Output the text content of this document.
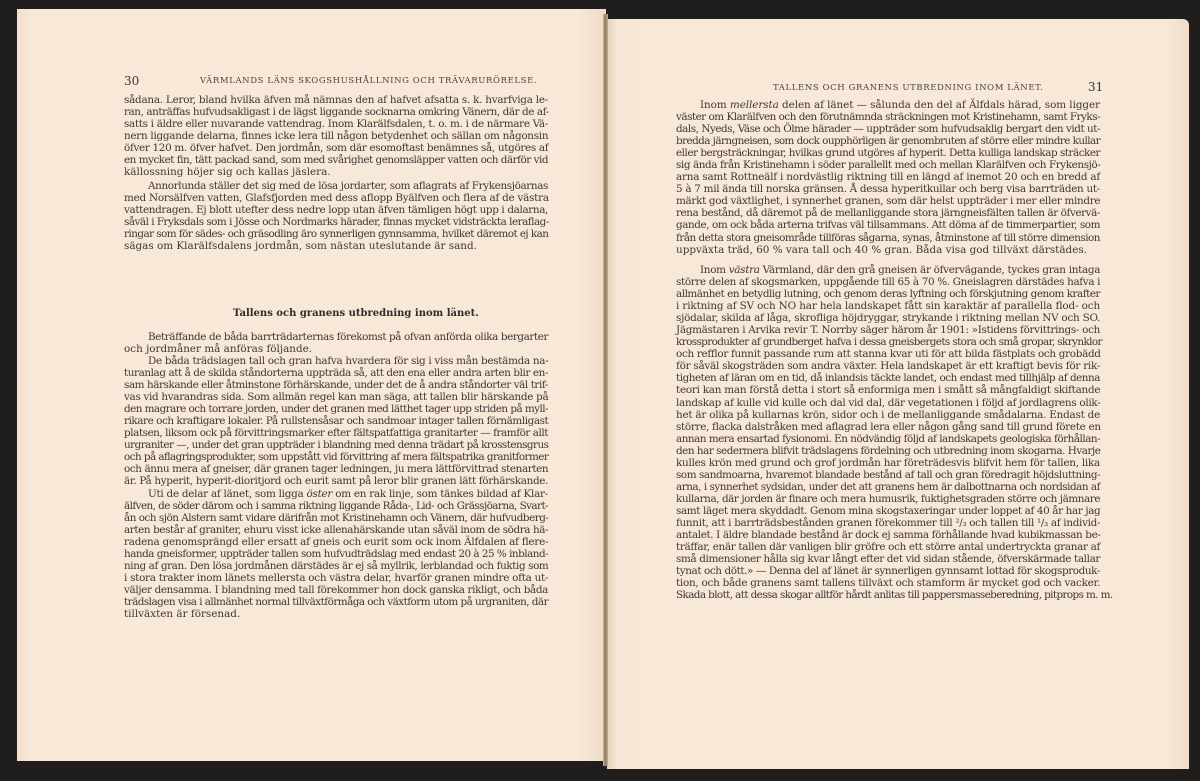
30	VÄRMLANDS LÄNS SKOGSHUSHÅLLNING OCH TRÄVARURÖRELSE.
sådana. Leror, bland hvilka äfven må nämnas den af hafvet afsatta s. k. hvarfviga le-
ran, anträffas hufvudsakligast i de lägst liggande socknarna omkring Vänern, där de af-
satts i äldre eller nuvarande vattendrag. Inom Klarälfsdalen, t. o. m. i de närmare Vä-
nern liggande delarna, finnes icke lera till någon betydenhet och sällan om någonsin
öfver 120 m. öfver hafvet. Den jordmån, som där esomoftast benämnes så, utgöres af
en mycket fin, tätt packad sand, som med svårighet genomsläpper vatten och därför vid
källossning höjer sig och kallas jäslera.
Annorlunda ställer det sig med de lösa jordarter, som aflagrats af Frykensjöarnas
med Norsälfven vatten, Glafsfjorden med dess aflopp Byälfven och flera af de västra
vattendragen. Ej blott utefter dess nedre lopp utan äfven tämligen högt upp i dalarna,
såväl i Fryksdals som i Jösse och Nordmarks härader, finnas mycket vidsträckta leraflag-
ringar som för sädes- och gräsodling äro synnerligen gynnsamma, hvilket däremot ej kan
sägas om Klarälfsdalens jordmån, som nästan uteslutande är sand.
Tallens och granens utbredning inom länet.
Beträffande de båda barrträdarternas förekomst på ofvan anförda olika bergarter
och jordmåner må anföras följande.
De båda trädslagen tall och gran hafva hvardera för sig i viss mån bestämda na-
turanlag att å de skilda ståndorterna uppträda så, att den ena eller andra arten blir en-
sam härskande eller åtminstone förhärskande, under det de å andra ståndorter väl trif-
vas vid hvarandras sida. Som allmän regel kan man säga, att tallen blir härskande på
den magrare och torrare jorden, under det granen med lätthet tager upp striden på myll-
rikare och kraftigare lokaler. På rullstensåsar och sandmoar intager tallen förnämligast
platsen, liksom ock på förvittringsmarker efter fältspatfattiga granitarter — framför allt
urgraniter —, under det gran uppträder i blandning med denna trädart på krosstensgrus
och på aflagringsprodukter, som uppstått vid förvittring af mera fältspatrika granitformer
och ännu mera af gneiser, där granen tager ledningen, ju mera lättförvittrad stenarten
är. På hyperit, hyperit-dioritjord och eurit samt på leror blir granen lätt förhärskande.
Uti de delar af länet, som ligga öster om en rak linje, som tänkes bildad af Klar-
älfven, de söder därom och i samma riktning liggande Råda-, Lid- och Grässjöarna, Svart-
ån och sjön Alstern samt vidare därifrån mot Kristinehamn och Vänern, där hufvudberg-
arten består af graniter, ehuru visst icke allenahärskande utan såväl inom de södra hä-
radena genomsprängd eller ersatt af gneis och eurit som ock inom Älfdalen af flere-
handa gneisformer, uppträder tallen som hufvudträdslag med endast 20 à 25 % inbland-
ning af gran. Den lösa jordmånen därstädes är ej så myllrik, lerblandad och fuktig som
i stora trakter inom länets mellersta och västra delar, hvarför granen mindre ofta ut-
väljer densamma. I blandning med tall förekommer hon dock ganska rikligt, och båda
trädslagen visa i allmänhet normal tillväxtförmåga och växtform utom på urgraniten, där
tillväxten är försenad.
TALLENS OCH GRANENS UTBREDNING INOM LÄNET.	31
Inom mellersta delen af länet — sålunda den del af Älfdals härad, som ligger
väster om Klarälfven och den förutnämnda sträckningen mot Kristinehamn, samt Fryks-
dals, Nyeds, Väse och Ölme härader — uppträder som hufvudsaklig bergart den vidt ut-
bredda järngneisen, som dock oupphörligen är genombruten af större eller mindre kullar
eller bergsträckningar, hvilkas grund utgöres af hyperit. Detta kulliga landskap sträcker
sig ända från Kristinehamn i söder parallellt med och mellan Klarälfven och Frykensjö-
arna samt Rottneälf i nordvästlig riktning till en längd af inemot 20 och en bredd af
5 à 7 mil ända till norska gränsen. Å dessa hyperitkullar och berg visa barrträden ut-
märkt god växtlighet, i synnerhet granen, som där helst uppträder i mer eller mindre
rena bestånd, då däremot på de mellanliggande stora järngneisfälten tallen är öfvervä-
gande, om ock båda arterna trifvas väl tillsammans. Att döma af de timmerpartier, som
från detta stora gneisområde tillföras sågarna, synas, åtminstone af till större dimension
uppväxta träd, 60 % vara tall och 40 % gran. Båda visa god tillväxt därstädes.
Inom västra Värmland, där den grå gneisen är öfvervägande, tyckes gran intaga
större delen af skogsmarken, uppgående till 65 à 70 %. Gneislagren därstädes hafva i
allmänhet en betydlig lutning, och genom deras lyftning och förskjutning genom krafter
i riktning af SV och NO har hela landskapet fått sin karaktär af parallella flod- och
sjödalar, skilda af låga, skrofliga höjdryggar, strykande i riktning mellan NV och SO.
Jägmästaren i Arvika revir T. Norrby säger härom år 1901: »Istidens förvittrings- och
krossprodukter af grundberget hafva i dessa gneisbergets stora och små gropar, skrynklor
och refflor funnit passande rum att stanna kvar uti för att bilda fästplats och grobädd
för såväl skogsträden som andra växter. Hela landskapet är ett kraftigt bevis för rik-
tigheten af läran om en tid, då inlandsis täckte landet, och endast med tillhjälp af denna
teori kan man förstå detta i stort så enformiga men i smått så mångfaldigt skiftande
landskap af kulle vid kulle och dal vid dal, där vegetationen i följd af jordlagrens olik-
het är olika på kullarnas krön, sidor och i de mellanliggande smådalarna. Endast de
större, flacka dalstråken med aflagrad lera eller någon gång sand till grund förete en
annan mera ensartad fysionomi. En nödvändig följd af landskapets geologiska förhållan-
den har sedermera blifvit trädslagens fördelning och utbredning inom skogarna. Hvarje
kulles krön med grund och grof jordmån har företrädesvis blifvit hem för tallen, lika
som sandmoarna, hvaremot blandade bestånd af tall och gran föredragit höjdsluttning-
arna, i synnerhet sydsidan, under det att granens hem är dalbottnarna och nordsidan af
kullarna, där jorden är finare och mera humusrik, fuktighetsgraden större och jämnare
samt läget mera skyddadt. Genom mina skogstaxeringar under loppet af 40 år har jag
funnit, att i barrträdsbestånden granen förekommer till ²/₃ och tallen till ¹/₃ af individ-
antalet. I äldre blandade bestånd är dock ej samma förhållande hvad kubikmassan be-
träffar, enär tallen där vanligen blir gröfre och ett större antal undertryckta granar af
små dimensioner hålla sig kvar långt efter det vid sidan stående, öfverskärmade tallar
tynat och dött.» — Denna del af länet är synnerligen gynnsamt lottad för skogsproduk-
tion, och både granens samt tallens tillväxt och stamform är mycket god och vacker.
Skada blott, att dessa skogar alltför hårdt anlitas till pappersmasseberedning, pitprops m. m.
